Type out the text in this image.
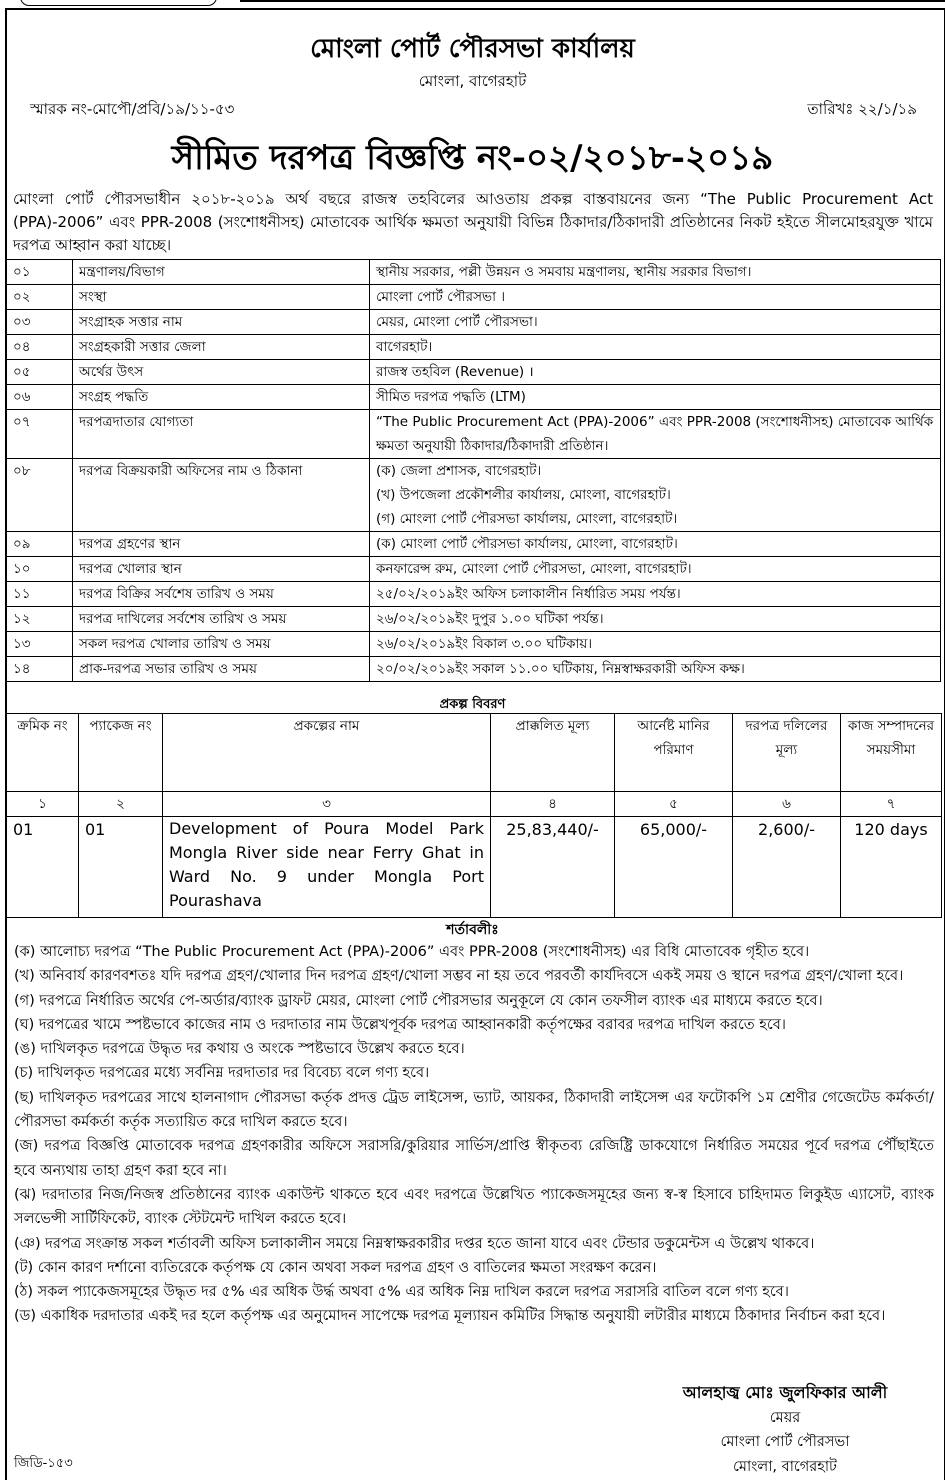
মোংলা পোর্ট পৌরসভা কার্যালয়
মোংলা, বাগেরহাট
স্মারক নং-মোপৌ/প্রবি/১৯/১১-৫৩	তারিখঃ ২২/১/১৯
সীমিত দরপত্র বিজ্ঞপ্তি নং-০২/২০১৮-২০১৯
মোংলা পোর্ট পৌরসভাধীন ২০১৮-২০১৯ অর্থ বছরে রাজস্ব তহবিলের আওতায় প্রকল্প বাস্তবায়নের জন্য “The Public Procurement Act (PPA)-2006” এবং PPR-2008 (সংশোধনীসহ) মোতাবেক আর্থিক ক্ষমতা অনুযায়ী বিভিন্ন ঠিকাদার/ঠিকাদারী প্রতিষ্ঠানের নিকট হইতে সীলমোহরযুক্ত খামে দরপত্র আহ্বান করা যাচ্ছে।
০১	মন্ত্রণালয়/বিভাগ	স্থানীয় সরকার, পল্লী উন্নয়ন ও সমবায় মন্ত্রণালয়, স্থানীয় সরকার বিভাগ।
০২	সংস্থা	মোংলা পোর্ট পৌরসভা ।
০৩	সংগ্রাহক সত্তার নাম	মেয়র, মোংলা পোর্ট পৌরসভা।
০৪	সংগ্রহকারী সত্তার জেলা	বাগেরহাট।
০৫	অর্থের উৎস	রাজস্ব তহবিল (Revenue) ।
০৬	সংগ্রহ পদ্ধতি	সীমিত দরপত্র পদ্ধতি (LTM)
০৭	দরপত্রদাতার যোগ্যতা	“The Public Procurement Act (PPA)-2006” এবং PPR-2008 (সংশোধনীসহ) মোতাবেক আর্থিক ক্ষমতা অনুযায়ী ঠিকাদার/ঠিকাদারী প্রতিষ্ঠান।
০৮	দরপত্র বিক্রয়কারী অফিসের নাম ও ঠিকানা	(ক) জেলা প্রশাসক, বাগেরহাট।
(খ) উপজেলা প্রকৌশলীর কার্যালয়, মোংলা, বাগেরহাট।
(গ) মোংলা পোর্ট পৌরসভা কার্যালয়, মোংলা, বাগেরহাট।

০৯	দরপত্র গ্রহণের স্থান	(ক) মোংলা পোর্ট পৌরসভা কার্যালয়, মোংলা, বাগেরহাট।
১০	দরপত্র খোলার স্থান	কনফারেন্স রুম, মোংলা পোর্ট পৌরসভা, মোংলা, বাগেরহাট।
১১	দরপত্র বিক্রির সর্বশেষ তারিখ ও সময়	২৫/০২/২০১৯ইং অফিস চলাকালীন নির্ধারিত সময় পর্যন্ত।
১২	দরপত্র দাখিলের সর্বশেষ তারিখ ও সময়	২৬/০২/২০১৯ইং দুপুর ১.০০ ঘটিকা পর্যন্ত।
১৩	সকল দরপত্র খোলার তারিখ ও সময়	২৬/০২/২০১৯ইং বিকাল ৩.০০ ঘটিকায়।
১৪	প্রাক-দরপত্র সভার তারিখ ও সময়	২০/০২/২০১৯ইং সকাল ১১.০০ ঘটিকায়, নিম্নস্বাক্ষরকারী অফিস কক্ষ।
প্রকল্প বিবরণ
ক্রমিক নং	প্যাকেজ নং	প্রকল্পের নাম	প্রাক্কলিত মূল্য	আর্নেষ্ট মানির পরিমাণ	দরপত্র দলিলের মূল্য	কাজ সম্পাদনের সময়সীমা
১	২	৩	৪	৫	৬	৭
01	01	Development of Poura Model Park Mongla River side near Ferry Ghat in Ward No. 9 under Mongla Port Pourashava	25,83,440/-	65,000/-	2,600/-	120 days
শর্তাবলীঃ

(ক) আলোচ্য দরপত্র “The Public Procurement Act (PPA)-2006” এবং PPR-2008 (সংশোধনীসহ) এর বিধি মোতাবেক গৃহীত হবে।

(খ) অনিবার্য কারণবশতঃ যদি দরপত্র গ্রহণ/খোলার দিন দরপত্র গ্রহণ/খোলা সম্ভব না হয় তবে পরবর্তী কার্যদিবসে একই সময় ও স্থানে দরপত্র গ্রহণ/খোলা হবে।

(গ) দরপত্রে নির্ধারিত অর্থের পে-অর্ডার/ব্যাংক ড্রাফট মেয়র, মোংলা পোর্ট পৌরসভার অনুকূলে যে কোন তফসীল ব্যাংক এর মাধ্যমে করতে হবে।

(ঘ) দরপত্রের খামে স্পষ্টভাবে কাজের নাম ও দরদাতার নাম উল্লেখপূর্বক দরপত্র আহ্বানকারী কর্তৃপক্ষের বরাবর দরপত্র দাখিল করতে হবে।

(ঙ) দাখিলকৃত দরপত্রে উদ্ধৃত দর কথায় ও অংকে স্পষ্টভাবে উল্লেখ করতে হবে।

(চ) দাখিলকৃত দরপত্রের মধ্যে সর্বনিম্ন দরদাতার দর বিবেচ্য বলে গণ্য হবে।

(ছ) দাখিলকৃত দরপত্রের সাথে হালনাগাদ পৌরসভা কর্তৃক প্রদত্ত ট্রেড লাইসেন্স, ভ্যাট, আয়কর, ঠিকাদারী লাইসেন্স এর ফটোকপি ১ম শ্রেণীর গেজেটেড কর্মকর্তা/পৌরসভা কর্মকর্তা কর্তৃক সত্যায়িত করে দাখিল করতে হবে।

(জ) দরপত্র বিজ্ঞপ্তি মোতাবেক দরপত্র গ্রহণকারীর অফিসে সরাসরি/কুরিয়ার সার্ভিস/প্রাপ্তি স্বীকৃতব্য রেজিষ্ট্রি ডাকযোগে নির্ধারিত সময়ের পূর্বে দরপত্র পৌঁছাইতে হবে অন্যথায় তাহা গ্রহণ করা হবে না।

(ঝ) দরদাতার নিজ/নিজস্ব প্রতিষ্ঠানের ব্যাংক একাউন্ট থাকতে হবে এবং দরপত্রে উল্লেখিত প্যাকেজসমূহের জন্য স্ব-স্ব হিসাবে চাহিদামত লিকুইড এ্যাসেট, ব্যাংক সলভেন্সী সার্টিফিকেট, ব্যাংক স্টেটমেন্ট দাখিল করতে হবে।

(ঞ) দরপত্র সংক্রান্ত সকল শর্তাবলী অফিস চলাকালীন সময়ে নিম্নস্বাক্ষরকারীর দপ্তর হতে জানা যাবে এবং টেন্ডার ডকুমেন্টস এ উল্লেখ থাকবে।

(ট) কোন কারণ দর্শানো ব্যতিরেকে কর্তৃপক্ষ যে কোন অথবা সকল দরপত্র গ্রহণ ও বাতিলের ক্ষমতা সংরক্ষণ করেন।

(ঠ) সকল প্যাকেজসমূহের উদ্ধৃত দর ৫% এর অধিক উর্দ্ধ অথবা ৫% এর অধিক নিম্ন দাখিল করলে দরপত্র সরাসরি বাতিল বলে গণ্য হবে।

(ড) একাধিক দরদাতার একই দর হলে কর্তৃপক্ষ এর অনুমোদন সাপেক্ষে দরপত্র মূল্যায়ন কমিটির সিদ্ধান্ত অনুযায়ী লটারীর মাধ্যমে ঠিকাদার নির্বাচন করা হবে।

আলহাজ্ব মোঃ জুলফিকার আলী
মেয়র
মোংলা পোর্ট পৌরসভা
মোংলা, বাগেরহাট
জিডি-১৫৩
